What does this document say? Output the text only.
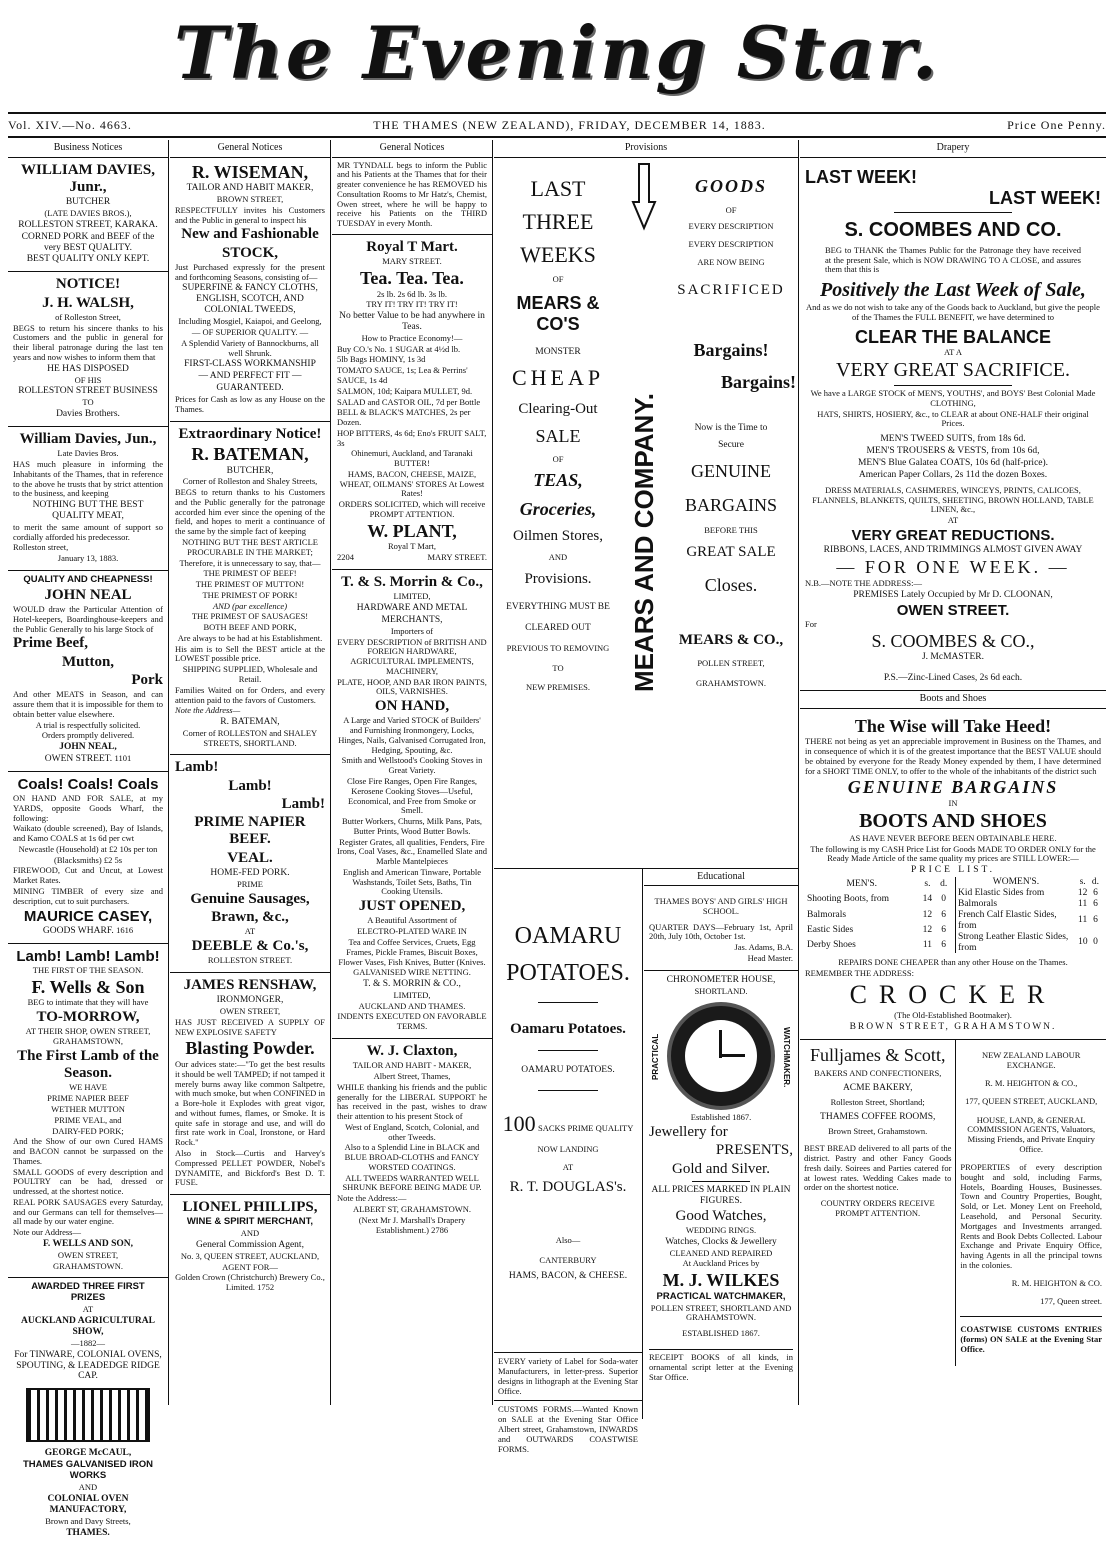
The Evening Star.
Vol. XIV.—No. 4663.	THE THAMES (NEW ZEALAND), FRIDAY, DECEMBER 14, 1883.	Price One Penny.
Business Notices

WILLIAM DAVIES, Junr.,

BUTCHER

(LATE DAVIES BROS.),

ROLLESTON STREET, KARAKA.

CORNED PORK and BEEF of the very BEST QUALITY.

BEST QUALITY ONLY KEPT.

NOTICE!

J. H. WALSH,

of Rolleston Street,

BEGS to return his sincere thanks to his Customers and the public in general for their liberal patronage during the last ten years and now wishes to inform them that

HE HAS DISPOSED

OF HIS

ROLLESTON STREET BUSINESS

TO

Davies Brothers.

William Davies, Jun.,

Late Davies Bros.

HAS much pleasure in informing the Inhabitants of the Thames, that in reference to the above he trusts that by strict attention to the business, and keeping

NOTHING BUT THE BEST QUALITY MEAT,

to merit the same amount of support so cordially afforded his predecessor.

Rolleston street,

January 13, 1883.

QUALITY AND CHEAPNESS!

JOHN NEAL

WOULD draw the Particular Attention of Hotel-keepers, Boardinghouse-keepers and the Public Generally to his large Stock of

Prime Beef,

Mutton,

Pork

And other MEATS in Season, and can assure them that it is impossible for them to obtain better value elsewhere.

A trial is respectfully solicited.

Orders promptly delivered.

JOHN NEAL,

OWEN STREET. 1101

Coals! Coals! Coals

ON HAND AND FOR SALE, at my YARDS, opposite Goods Wharf, the following:

Waikato (double screened), Bay of Islands, and Kamo COALS at 1s 6d per cwt

Newcastle (Household) at £2 10s per ton

(Blacksmiths) £2 5s

FIREWOOD, Cut and Uncut, at Lowest Market Rates.

MINING TIMBER of every size and description, cut to suit purchasers.

MAURICE CASEY,

GOODS WHARF. 1616

Lamb! Lamb! Lamb!

THE FIRST OF THE SEASON.

F. Wells & Son

BEG to intimate that they will have

TO-MORROW,

AT THEIR SHOP, OWEN STREET, GRAHAMSTOWN,

The First Lamb of the Season.

WE HAVE

PRIME NAPIER BEEF

WETHER MUTTON

PRIME VEAL, and

DAIRY-FED PORK;

And the Show of our own Cured HAMS and BACON cannot be surpassed on the Thames.

SMALL GOODS of every description and POULTRY can be had, dressed or undressed, at the shortest notice.

REAL PORK SAUSAGES every Saturday, and our Germans can tell for themselves—all made by our water engine.

Note our Address—

F. WELLS AND SON,

OWEN STREET,

GRAHAMSTOWN.

AWARDED THREE FIRST PRIZES

AT

AUCKLAND AGRICULTURAL SHOW,

—1882—

For TINWARE, COLONIAL OVENS, SPOUTING, & LEADEDGE RIDGE CAP.

GEORGE McCAUL,

THAMES GALVANISED IRON WORKS

AND

COLONIAL OVEN MANUFACTORY,

Brown and Davy Streets,

THAMES.

General Notices

R. WISEMAN,

TAILOR AND HABIT MAKER,

BROWN STREET,

RESPECTFULLY invites his Customers and the Public in general to inspect his

New and Fashionable

STOCK,

Just Purchased expressly for the present and forthcoming Seasons, consisting of—

SUPERFINE & FANCY CLOTHS, ENGLISH, SCOTCH, AND COLONIAL TWEEDS,

Including Mosgiel, Kaiapoi, and Geelong,

— OF SUPERIOR QUALITY. —

A Splendid Variety of Bannockburns, all well Shrunk.

FIRST-CLASS WORKMANSHIP

— AND PERFECT FIT —

GUARANTEED.

Prices for Cash as low as any House on the Thames.

Extraordinary Notice!

R. BATEMAN,

BUTCHER,

Corner of Rolleston and Shaley Streets,

BEGS to return thanks to his Customers and the Public generally for the patronage accorded him ever since the opening of the field, and hopes to merit a continuance of the same by the simple fact of keeping

NOTHING BUT THE BEST ARTICLE PROCURABLE IN THE MARKET;

Therefore, it is unnecessary to say, that—

THE PRIMEST OF BEEF!

THE PRIMEST OF MUTTON!

THE PRIMEST OF PORK!

AND (par excellence)

THE PRIMEST OF SAUSAGES!

BOTH BEEF AND PORK,

Are always to be had at his Establishment.

His aim is to Sell the BEST article at the LOWEST possible price.

SHIPPING SUPPLIED, Wholesale and Retail.

Families Waited on for Orders, and every attention paid to the favors of Customers.

Note the Address—

R. BATEMAN,

Corner of ROLLESTON and SHALEY STREETS, SHORTLAND.

Lamb!

Lamb!

Lamb!

PRIME NAPIER BEEF.

VEAL.

HOME-FED PORK.

PRIME

Genuine Sausages,

Brawn, &c.,

AT

DEEBLE & Co.'s,

ROLLESTON STREET.

JAMES RENSHAW,

IRONMONGER,

OWEN STREET,

HAS JUST RECEIVED A SUPPLY OF NEW EXPLOSIVE SAFETY

Blasting Powder.

Our advices state:—"To get the best results it should be well TAMPED; if not tamped it merely burns away like common Saltpetre, with much smoke, but when CONFINED in a Bore-hole it Explodes with great vigor, and without fumes, flames, or Smoke. It is quite safe in storage and use, and will do first rate work in Coal, Ironstone, or Hard Rock."

Also in Stock—Curtis and Harvey's Compressed PELLET POWDER, Nobel's DYNAMITE, and Bickford's Best D. T. FUSE.

LIONEL PHILLIPS,

WINE & SPIRIT MERCHANT,

AND

General Commission Agent,

No. 3, QUEEN STREET, AUCKLAND,

AGENT FOR—

Golden Crown (Christchurch) Brewery Co., Limited. 1752

General Notices
MR TYNDALL begs to inform the Public and his Patients at the Thames that for their greater convenience he has REMOVED his Consultation Rooms to Mr Hatz's, Chemist, Owen street, where he will be happy to receive his Patients on the THIRD TUESDAY in every Month.

Royal T Mart.

MARY STREET.

Tea. Tea. Tea.

2s lb. 2s 6d lb. 3s lb.

TRY IT! TRY IT! TRY IT!

No better Value to be had anywhere in Teas.

How to Practice Economy!—

Buy CO.'s No. 1 SUGAR at 4½d lb.

5lb Bags HOMINY, 1s 3d

TOMATO SAUCE, 1s; Lea & Perrins' SAUCE, 1s 4d

SALMON, 10d; Kaipara MULLET, 9d.

SALAD and CASTOR OIL, 7d per Bottle

BELL & BLACK'S MATCHES, 2s per Dozen.

HOP BITTERS, 4s 6d; Eno's FRUIT SALT, 3s

Ohinemuri, Auckland, and Taranaki BUTTER!

HAMS, BACON, CHEESE, MAIZE, WHEAT, OILMANS' STORES At Lowest Rates!

ORDERS SOLICITED, which will receive PROMPT ATTENTION.

W. PLANT,

Royal T Mart,

2204	MARY STREET.

T. & S. Morrin & Co.,

LIMITED,

HARDWARE AND METAL

MERCHANTS,

Importers of

EVERY DESCRIPTION of BRITISH AND FOREIGN HARDWARE, AGRICULTURAL IMPLEMENTS, MACHINERY,

PLATE, HOOP, AND BAR IRON PAINTS, OILS, VARNISHES.

ON HAND,

A Large and Varied STOCK of Builders' and Furnishing Ironmongery, Locks, Hinges, Nails, Galvanised Corrugated Iron, Hedging, Spouting, &c.

Smith and Wellstood's Cooking Stoves in Great Variety.

Close Fire Ranges, Open Fire Ranges, Kerosene Cooking Stoves—Useful, Economical, and Free from Smoke or Smell.

Butter Workers, Churns, Milk Pans, Pats, Butter Prints, Wood Butter Bowls.

Register Grates, all qualities, Fenders, Fire Irons, Coal Vases, &c., Enamelled Slate and Marble Mantelpieces

English and American Tinware, Portable Washstands, Toilet Sets, Baths, Tin Cooking Utensils.

JUST OPENED,

A Beautiful Assortment of

ELECTRO-PLATED WARE IN

Tea and Coffee Services, Cruets, Egg Frames, Pickle Frames, Biscuit Boxes, Flower Vases, Fish Knives, Butter (Knives.

GALVANISED WIRE NETTING.

T. & S. MORRIN & CO.,

LIMITED,

AUCKLAND AND THAMES.

INDENTS EXECUTED ON FAVORABLE TERMS.

W. J. Claxton,

TAILOR AND HABIT - MAKER,

Albert Street, Thames,

WHILE thanking his friends and the public generally for the LIBERAL SUPPORT he has received in the past, wishes to draw their attention to his present Stock of

West of England, Scotch, Colonial, and other Tweeds.

Also to a Splendid Line in BLACK and BLUE BROAD-CLOTHS and FANCY WORSTED COATINGS.

ALL TWEEDS WARRANTED WELL SHRUNK BEFORE BEING MADE UP.

Note the Address:—

ALBERT ST, GRAHAMSTOWN.

(Next Mr J. Marshall's Drapery Establishment.) 2786

Provisions

LAST

THREE

WEEKS

OF

MEARS & CO'S

MONSTER

CHEAP

Clearing-Out

SALE

OF

TEAS,

Groceries,

Oilmen Stores,

AND

Provisions.

EVERYTHING MUST BE

CLEARED OUT

PREVIOUS TO REMOVING

TO

NEW PREMISES.	MEARS AND COMPANY.

GOODS

OF

EVERY DESCRIPTION

EVERY DESCRIPTION

ARE NOW BEING

SACRIFICED

Bargains!

Bargains!

Now is the Time to

Secure

GENUINE

BARGAINS

BEFORE THIS

GREAT SALE

Closes.

MEARS & CO.,

POLLEN STREET,

GRAHAMSTOWN.

OAMARU

POTATOES.

Oamaru Potatoes.

OAMARU POTATOES.

100 SACKS PRIME QUALITY

NOW LANDING

AT

R. T. DOUGLAS's.

Also—

CANTERBURY

HAMS, BACON, & CHEESE.

EVERY variety of Label for Soda-water Manufacturers, in letter-press. Superior designs in lithograph at the Evening Star Office.

CUSTOMS FORMS.—Wanted Known on SALE at the Evening Star Office Albert street, Grahamstown, INWARDS and OUTWARDS COASTWISE FORMS.

Educational

THAMES BOYS' AND GIRLS' HIGH SCHOOL.

QUARTER DAYS—February 1st, April 20th, July 10th, October 1st.

Jas. Adams, B.A.

Head Master.

CHRONOMETER HOUSE,

SHORTLAND.

PRACTICAL	WATCHMAKER.

Established 1867.

Jewellery for

PRESENTS,

Gold and Silver.

ALL PRICES MARKED IN PLAIN FIGURES.

Good Watches,

WEDDING RINGS.

Watches, Clocks & Jewellery

CLEANED AND REPAIRED

At Auckland Prices by

M. J. WILKES

PRACTICAL WATCHMAKER,

POLLEN STREET, SHORTLAND AND GRAHAMSTOWN.

ESTABLISHED 1867.

RECEIPT BOOKS of all kinds, in ornamental script letter at the Evening Star Office.

Drapery

LAST WEEK!

LAST WEEK!

S. COOMBES AND CO.

BEG to THANK the Thames Public for the Patronage they have received at the present Sale, which is NOW DRAWING TO A CLOSE, and assures them that this is

Positively the Last Week of Sale,

And as we do not wish to take any of the Goods back to Auckland, but give the people of the Thames the FULL BENEFIT, we have determined to

CLEAR THE BALANCE

AT A

VERY GREAT SACRIFICE.

We have a LARGE STOCK of MEN'S, YOUTHS', and BOYS' Best Colonial Made CLOTHING,

HATS, SHIRTS, HOSIERY, &c., to CLEAR at about ONE-HALF their original Prices.

MEN'S TWEED SUITS, from 18s 6d.

MEN'S TROUSERS & VESTS, from 10s 6d,

MEN'S Blue Galatea COATS, 10s 6d (half-price).

American Paper Collars, 2s 11d the dozen Boxes.

DRESS MATERIALS, CASHMERES, WINCEYS, PRINTS, CALICOES, FLANNELS, BLANKETS, QUILTS, SHEETING, BROWN HOLLAND, TABLE LINEN, &c.,

AT

VERY GREAT REDUCTIONS.

RIBBONS, LACES, AND TRIMMINGS ALMOST GIVEN AWAY

— FOR ONE WEEK. —

N.B.—NOTE THE ADDRESS:—

PREMISES Lately Occupied by Mr D. CLOONAN,

OWEN STREET.

For

S. COOMBES & CO.,

J. McMASTER.

P.S.—Zinc-Lined Cases, 2s 6d each.

Boots and Shoes

The Wise will Take Heed!

THERE not being as yet an appreciable improvement in Business on the Thames, and in consequence of which it is of the greatest importance that the BEST VALUE should be obtained by everyone for the Ready Money expended by them, I have determined for a SHORT TIME ONLY, to offer to the whole of the inhabitants of the district such

GENUINE BARGAINS

IN

BOOTS AND SHOES

AS HAVE NEVER BEFORE BEEN OBTAINABLE HERE.

The following is my CASH Price List for Goods MADE TO ORDER ONLY for the Ready Made Article of the same quality my prices are STILL LOWER:—

PRICE LIST.

MEN'S.	s.	d.
Shooting Boots, from	14	0
Balmorals	12	6
Eastic Sides	12	6
Derby Shoes	11	6
WOMEN'S.	s.	d.
Kid Elastic Sides from	12	6
Balmorals	11	6
French Calf Elastic Sides, from	11	6
Strong Leather Elastic Sides, from	10	0

REPAIRS DONE CHEAPER than any other House on the Thames.

REMEMBER THE ADDRESS:

CROCKER

(The Old-Established Bootmaker).

BROWN STREET, GRAHAMSTOWN.

Fulljames & Scott,

BAKERS AND CONFECTIONERS,

ACME BAKERY,

Rolleston Street, Shortland;

THAMES COFFEE ROOMS,

Brown Street, Grahamstown.

BEST BREAD delivered to all parts of the district. Pastry and other Fancy Goods fresh daily. Soirees and Parties catered for at lowest rates. Wedding Cakes made to order on the shortest notice.

COUNTRY ORDERS RECEIVE PROMPT ATTENTION.

NEW ZEALAND LABOUR EXCHANGE.

R. M. HEIGHTON & CO.,

177, QUEEN STREET, AUCKLAND,

HOUSE, LAND, & GENERAL COMMISSION AGENTS, Valuators, Missing Friends, and Private Enquiry Office.

PROPERTIES of every description bought and sold, including Farms, Hotels, Boarding Houses, Businesses. Town and Country Properties, Bought, Sold, or Let. Money Lent on Freehold, Leasehold, and Personal Security. Mortgages and Investments arranged. Rents and Book Debts Collected. Labour Exchange and Private Enquiry Office, having Agents in all the principal towns in the colonies.

R. M. HEIGHTON & CO.

177, Queen street.

COASTWISE CUSTOMS ENTRIES (forms) ON SALE at the Evening Star Office.
